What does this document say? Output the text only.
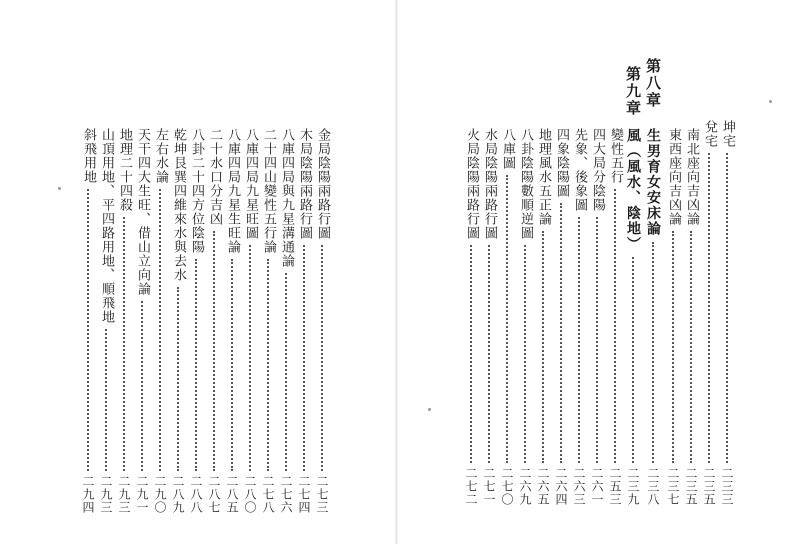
金局陰陽兩路行圖
二七三
木局陰陽兩路行圖
二七四
八庫四局與九星溝通論
二七六
二十四山變性五行論
二七八
八庫四局九星旺圖
二八〇
八庫四局九星生旺論
二八五
二十水口分吉凶
二八七
八卦二十四方位陰陽
二八八
乾坤艮巽四維來水與去水
二八九
左右水論
二九〇
天干四大生旺、借山立向論
二九一
地理二十四殺
二九三
山頂用地、平四路用地、順飛地
二九三
斜飛用地
二九四
坤宅
二三三
兌宅
二三五
南北座向吉凶論
二三五
東西座向吉凶論
二三七
第八章
生男育女安床論
二三八
第九章
風（風水、陰地）
二三九
變性五行
二五三
四大局分陰陽
二六一
先象、後象圖
二六三
四象陰陽圖
二六四
地理風水五正論
二六五
八卦陰陽數順逆圖
二六九
八庫圖
二七〇
水局陰陽兩路行圖
二七一
火局陰陽兩路行圖
二七二
